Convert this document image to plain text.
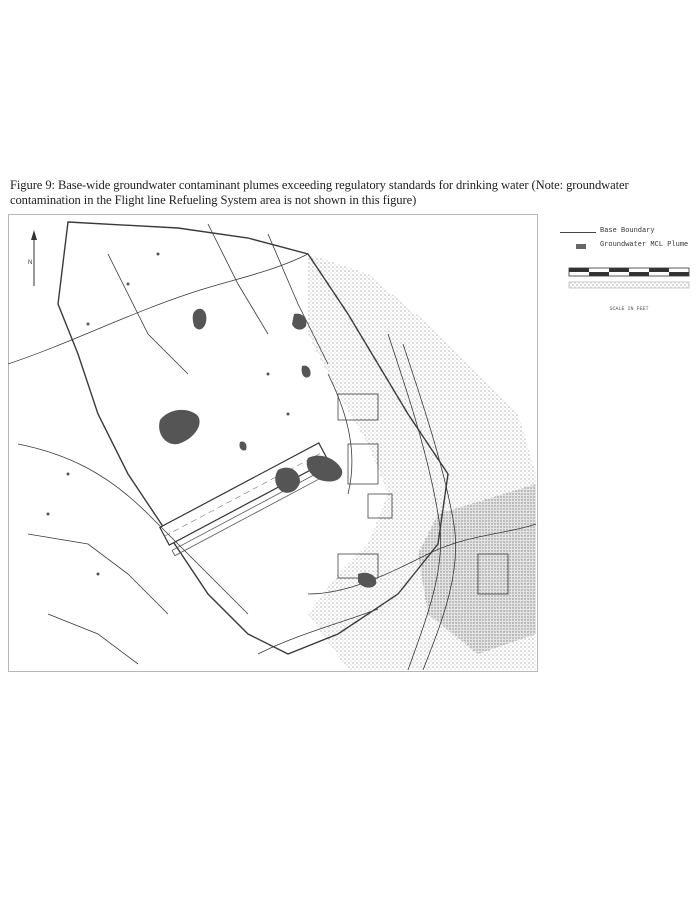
Figure 9: Base-wide groundwater contaminant plumes exceeding regulatory standards for drinking water (Note: groundwater contamination in the Flight line Refueling System area is not shown in this figure)
N
Base Boundary
Groundwater MCL Plume
SCALE IN FEET
